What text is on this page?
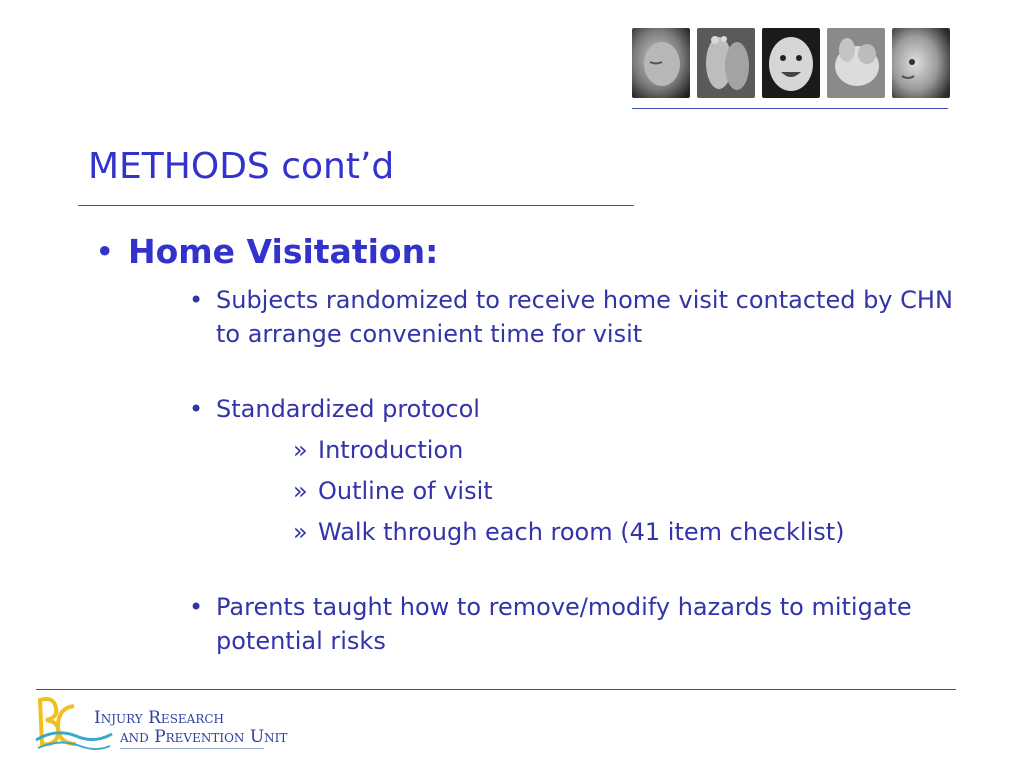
METHODS cont’d
• Home Visitation:
• Subjects randomized to receive home visit contacted by CHN to arrange convenient time for visit
• Standardized protocol
» Introduction
» Outline of visit
» Walk through each room (41 item checklist)
• Parents taught how to remove/modify hazards to mitigate potential risks
Injury Research
and Prevention Unit
